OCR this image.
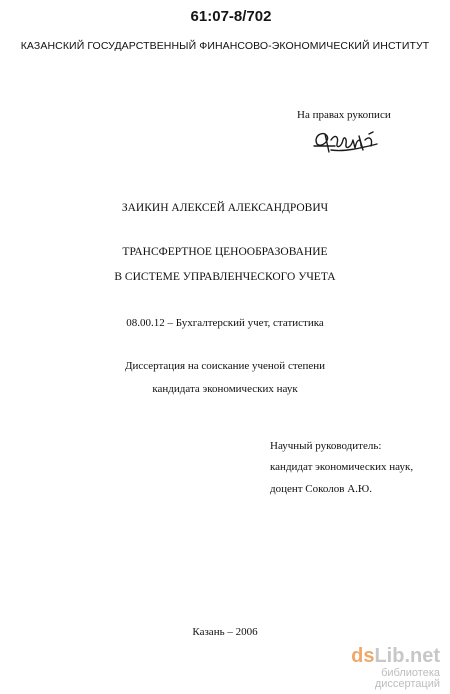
61:07-8/702
КАЗАНСКИЙ ГОСУДАРСТВЕННЫЙ ФИНАНСОВО-ЭКОНОМИЧЕСКИЙ ИНСТИТУТ
На правах рукописи
ЗАИКИН АЛЕКСЕЙ АЛЕКСАНДРОВИЧ
ТРАНСФЕРТНОЕ ЦЕНООБРАЗОВАНИЕ
В СИСТЕМЕ УПРАВЛЕНЧЕСКОГО УЧЕТА
08.00.12 – Бухгалтерский учет, статистика
Диссертация на соискание ученой степени
кандидата экономических наук
Научный руководитель:
кандидат экономических наук,
доцент Соколов А.Ю.
Казань – 2006
dsLib.net
библиотека диссертаций
